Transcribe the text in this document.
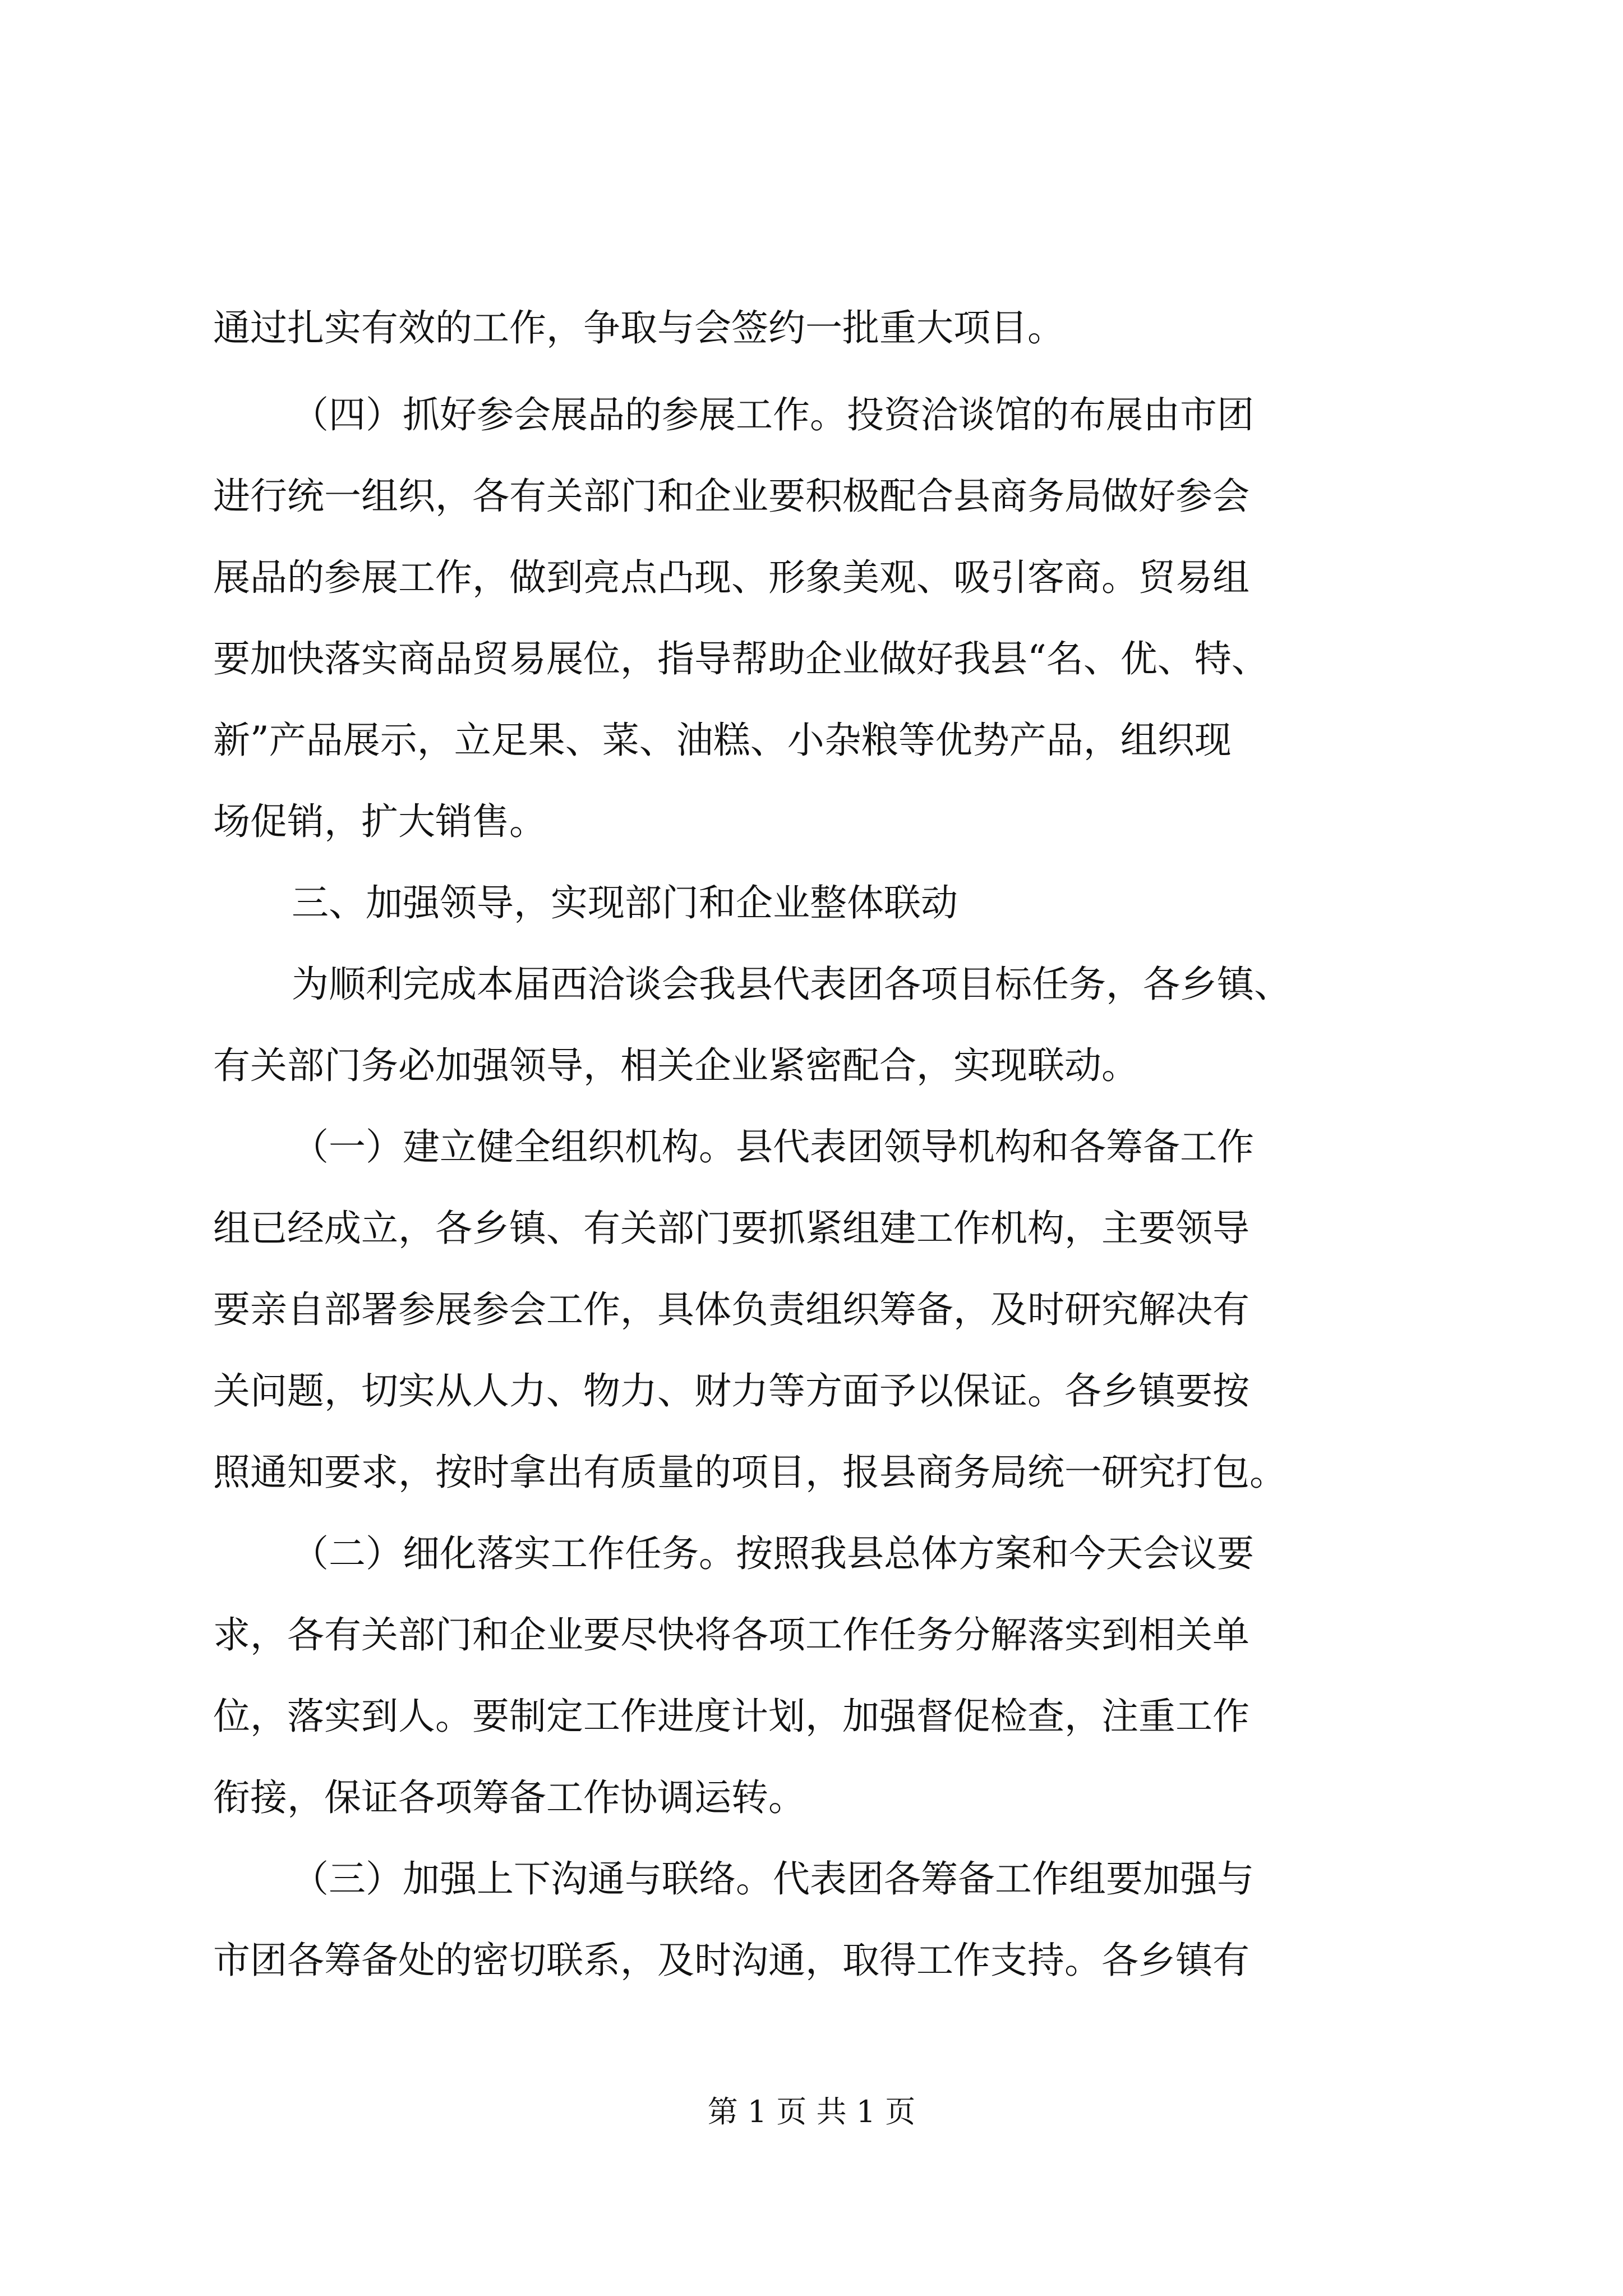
通过扎实有效的工作，争取与会签约一批重大项目。
（四）抓好参会展品的参展工作。投资洽谈馆的布展由市团
进行统一组织，各有关部门和企业要积极配合县商务局做好参会
展品的参展工作，做到亮点凸现、形象美观、吸引客商。贸易组
要加快落实商品贸易展位，指导帮助企业做好我县“名、优、特、
新”产品展示，立足果、菜、油糕、小杂粮等优势产品，组织现
场促销，扩大销售。
三、加强领导，实现部门和企业整体联动
为顺利完成本届西洽谈会我县代表团各项目标任务，各乡镇、
有关部门务必加强领导，相关企业紧密配合，实现联动。
（一）建立健全组织机构。县代表团领导机构和各筹备工作
组已经成立，各乡镇、有关部门要抓紧组建工作机构，主要领导
要亲自部署参展参会工作，具体负责组织筹备，及时研究解决有
关问题，切实从人力、物力、财力等方面予以保证。各乡镇要按
照通知要求，按时拿出有质量的项目，报县商务局统一研究打包。
（二）细化落实工作任务。按照我县总体方案和今天会议要
求，各有关部门和企业要尽快将各项工作任务分解落实到相关单
位，落实到人。要制定工作进度计划，加强督促检查，注重工作
衔接，保证各项筹备工作协调运转。
（三）加强上下沟通与联络。代表团各筹备工作组要加强与
市团各筹备处的密切联系，及时沟通，取得工作支持。各乡镇有
第 1 页 共 1 页
